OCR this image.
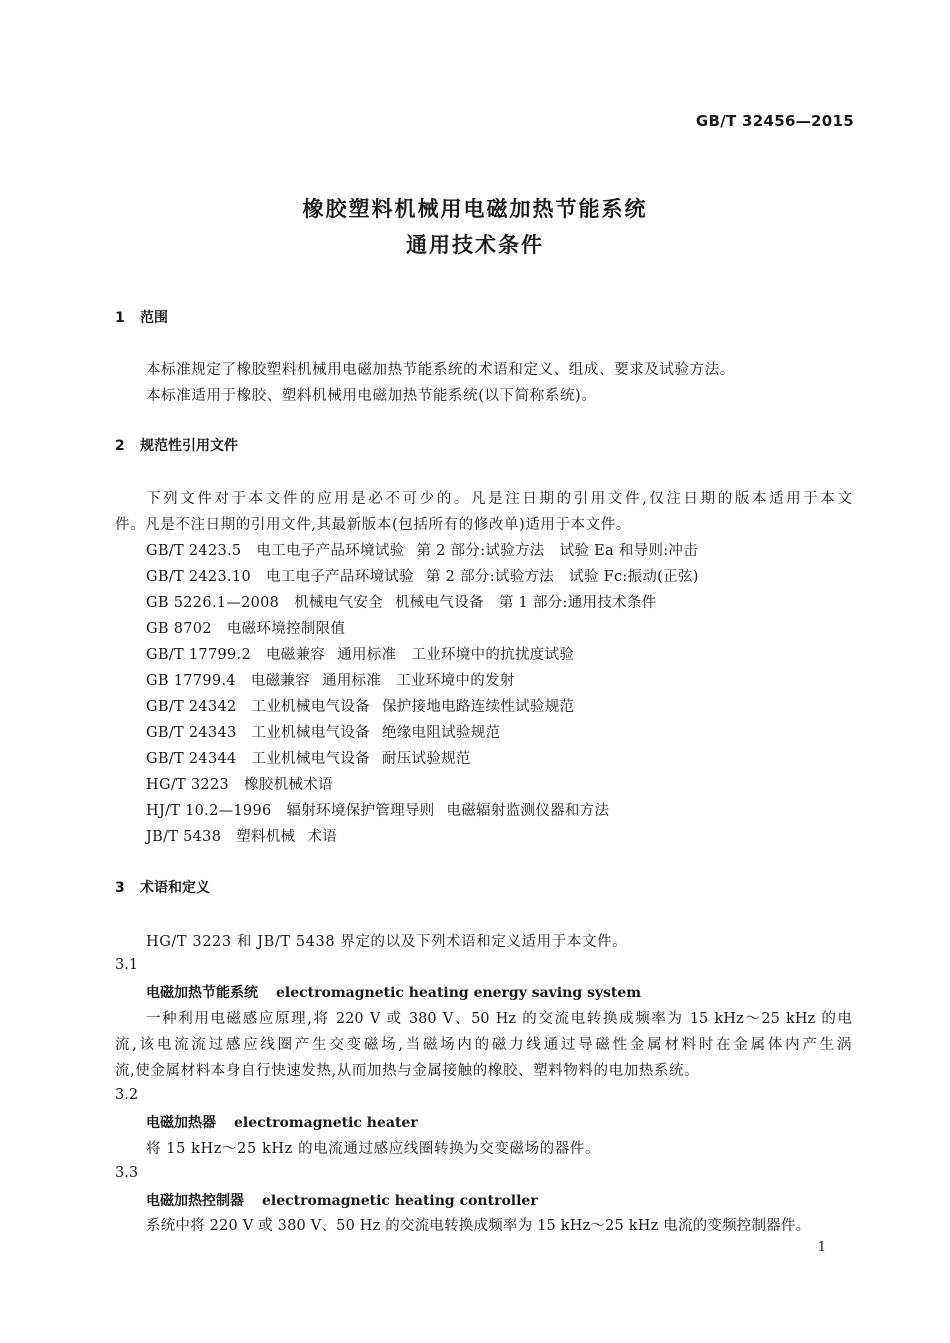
GB/T 32456—2015
橡胶塑料机械用电磁加热节能系统
通用技术条件
1 范围
本标准规定了橡胶塑料机械用电磁加热节能系统的术语和定义、组成、要求及试验方法。
本标准适用于橡胶、塑料机械用电磁加热节能系统(以下简称系统)。
2 规范性引用文件
下列文件对于本文件的应用是必不可少的。凡是注日期的引用文件,仅注日期的版本适用于本文
件。凡是不注日期的引用文件,其最新版本(包括所有的修改单)适用于本文件。
GB/T 2423.5 电工电子产品环境试验 第 2 部分:试验方法 试验 Ea 和导则:冲击
GB/T 2423.10 电工电子产品环境试验 第 2 部分:试验方法 试验 Fc:振动(正弦)
GB 5226.1—2008 机械电气安全 机械电气设备 第 1 部分:通用技术条件
GB 8702 电磁环境控制限值
GB/T 17799.2 电磁兼容 通用标准 工业环境中的抗扰度试验
GB 17799.4 电磁兼容 通用标准 工业环境中的发射
GB/T 24342 工业机械电气设备 保护接地电路连续性试验规范
GB/T 24343 工业机械电气设备 绝缘电阻试验规范
GB/T 24344 工业机械电气设备 耐压试验规范
HG/T 3223 橡胶机械术语
HJ/T 10.2—1996 辐射环境保护管理导则 电磁辐射监测仪器和方法
JB/T 5438 塑料机械 术语
3 术语和定义
HG/T 3223 和 JB/T 5438 界定的以及下列术语和定义适用于本文件。
3.1
电磁加热节能系统 electromagnetic heating energy saving system
一种利用电磁感应原理,将 220 V 或 380 V、50 Hz 的交流电转换成频率为 15 kHz～25 kHz 的电
流,该电流流过感应线圈产生交变磁场,当磁场内的磁力线通过导磁性金属材料时在金属体内产生涡
流,使金属材料本身自行快速发热,从而加热与金属接触的橡胶、塑料物料的电加热系统。
3.2
电磁加热器 electromagnetic heater
将 15 kHz～25 kHz 的电流通过感应线圈转换为交变磁场的器件。
3.3
电磁加热控制器 electromagnetic heating controller
系统中将 220 V 或 380 V、50 Hz 的交流电转换成频率为 15 kHz～25 kHz 电流的变频控制器件。
1
